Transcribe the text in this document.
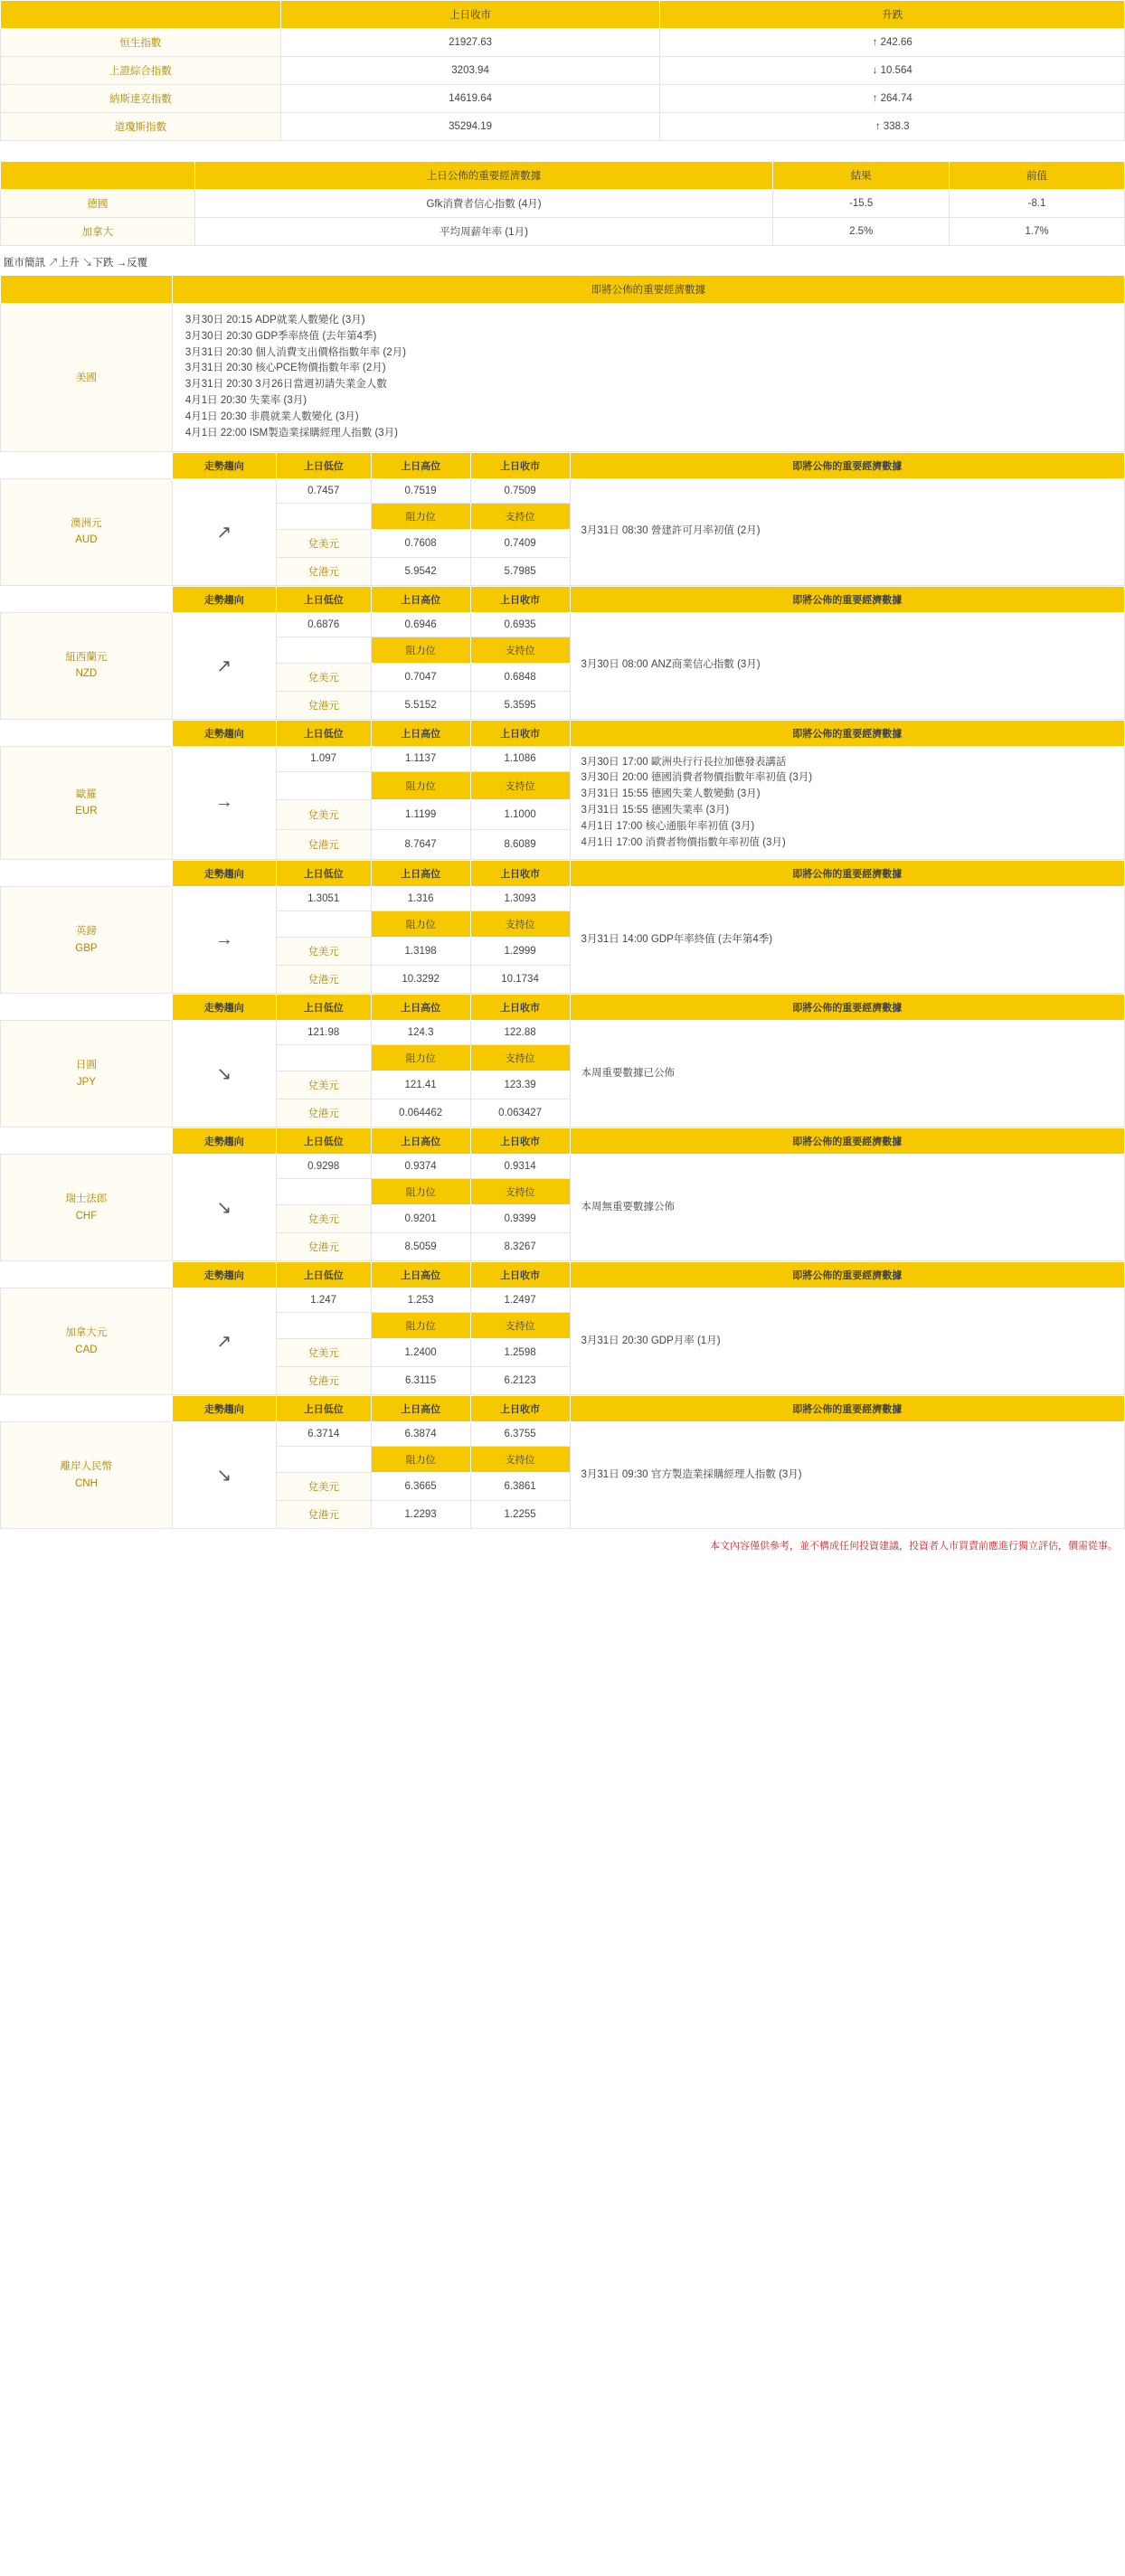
	上日收市	升跌
恒生指數	21927.63	↑ 242.66
上證綜合指數	3203.94	↓ 10.564
納斯達克指數	14619.64	↑ 264.74
道瓊斯指數	35294.19	↑ 338.3
	上日公佈的重要經濟數據	結果	前值
德國	Gfk消費者信心指數 (4月)	-15.5	-8.1
加拿大	平均周薪年率 (1月)	2.5%	1.7%
匯市簡訊 ↗上升 ↘下跌 →反覆
	即將公佈的重要經濟數據
美國	
3月30日 20:15 ADP就業人數變化 (3月)
3月30日 20:30 GDP季率終值 (去年第4季)
3月31日 20:30 個人消費支出價格指數年率 (2月)
3月31日 20:30 核心PCE物價指數年率 (2月)
3月31日 20:30 3月26日當週初請失業金人數
4月1日 20:30 失業率 (3月)
4月1日 20:30 非農就業人數變化 (3月)
4月1日 22:00 ISM製造業採購經理人指數 (3月)
	走勢趨向	上日低位	上日高位	上日收市	即將公佈的重要經濟數據
澳洲元
AUD	↗	0.7457	0.7519	0.7509	3月31日 08:30 營建許可月率初值 (2月)

			阻力位	支持位	
		兌美元	0.7608	0.7409	
		兌港元	5.9542	5.7985	
	走勢趨向	上日低位	上日高位	上日收市	即將公佈的重要經濟數據
紐西蘭元
NZD	↗	0.6876	0.6946	0.6935	3月30日 08:00 ANZ商業信心指數 (3月)

			阻力位	支持位	
		兌美元	0.7047	0.6848	
		兌港元	5.5152	5.3595	
	走勢趨向	上日低位	上日高位	上日收市	即將公佈的重要經濟數據
歐羅
EUR	→	1.097	1.1137	1.1086	3月30日 17:00 歐洲央行行長拉加德發表講話
3月30日 20:00 德國消費者物價指數年率初值 (3月)
3月31日 15:55 德國失業人數變動 (3月)
3月31日 15:55 德國失業率 (3月)
4月1日 17:00 核心通脹年率初值 (3月)
4月1日 17:00 消費者物價指數年率初值 (3月)

			阻力位	支持位	
		兌美元	1.1199	1.1000	
		兌港元	8.7647	8.6089	
	走勢趨向	上日低位	上日高位	上日收市	即將公佈的重要經濟數據
英鎊
GBP	→	1.3051	1.316	1.3093	3月31日 14:00 GDP年率終值 (去年第4季)

			阻力位	支持位	
		兌美元	1.3198	1.2999	
		兌港元	10.3292	10.1734	
	走勢趨向	上日低位	上日高位	上日收市	即將公佈的重要經濟數據
日圓
JPY	↘	121.98	124.3	122.88	本周重要數據已公佈

			阻力位	支持位	
		兌美元	121.41	123.39	
		兌港元	0.064462	0.063427	
	走勢趨向	上日低位	上日高位	上日收市	即將公佈的重要經濟數據
瑞士法郎
CHF	↘	0.9298	0.9374	0.9314	本周無重要數據公佈

			阻力位	支持位	
		兌美元	0.9201	0.9399	
		兌港元	8.5059	8.3267	
	走勢趨向	上日低位	上日高位	上日收市	即將公佈的重要經濟數據
加拿大元
CAD	↗	1.247	1.253	1.2497	3月31日 20:30 GDP月率 (1月)

			阻力位	支持位	
		兌美元	1.2400	1.2598	
		兌港元	6.3115	6.2123	
	走勢趨向	上日低位	上日高位	上日收市	即將公佈的重要經濟數據
離岸人民幣
CNH	↘	6.3714	6.3874	6.3755	3月31日 09:30 官方製造業採購經理人指數 (3月)

			阻力位	支持位	
		兌美元	6.3665	6.3861	
		兌港元	1.2293	1.2255	
本文內容僅供參考，並不構成任何投資建議，投資者人市買賣前應進行獨立評估，價需從事。
